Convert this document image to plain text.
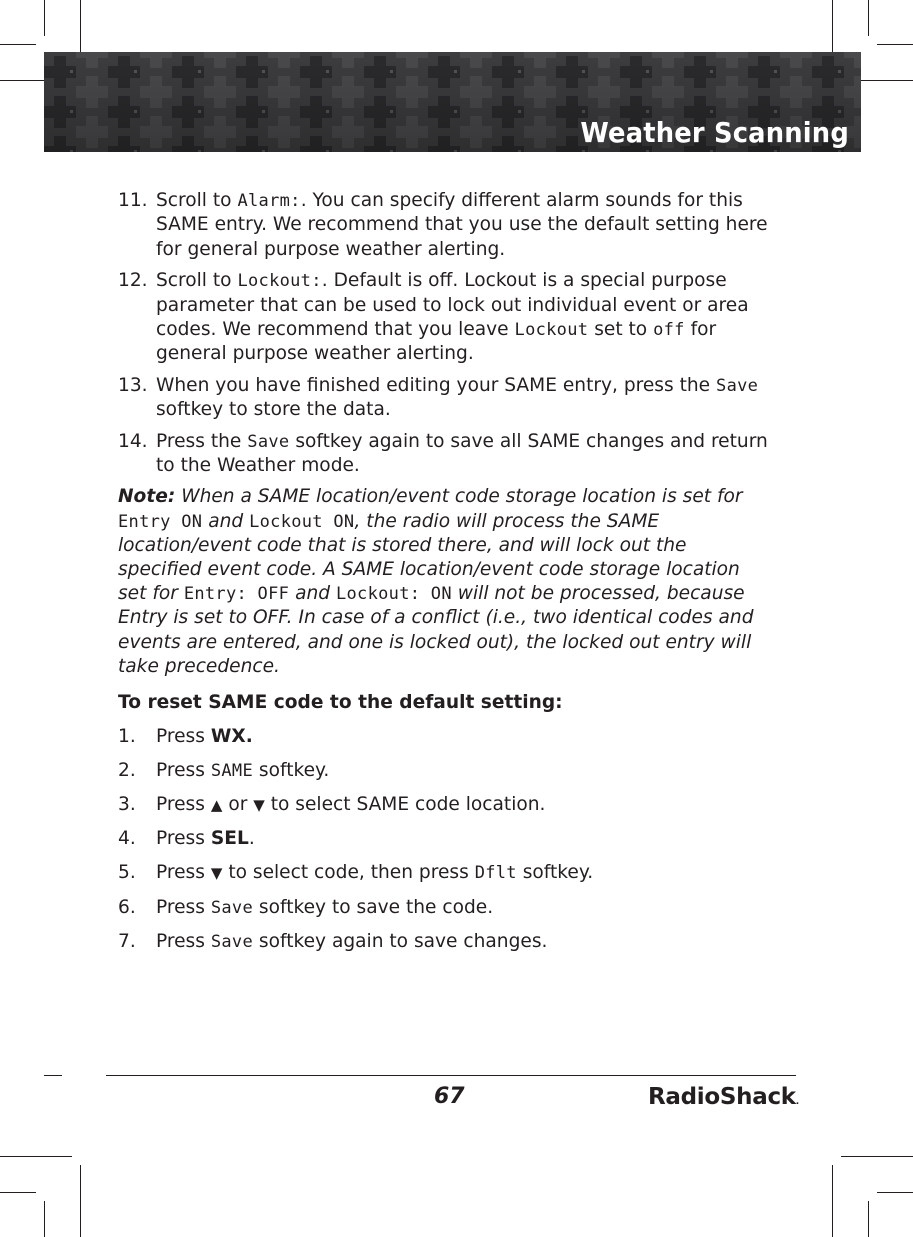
Weather Scanning
11. Scroll to Alarm:. You can specify different alarm sounds for this SAME entry. We recommend that you use the default setting here for general purpose weather alerting.
12. Scroll to Lockout:. Default is off. Lockout is a special purpose parameter that can be used to lock out individual event or area codes. We recommend that you leave Lockout set to off for general purpose weather alerting.
13. When you have finished editing your SAME entry, press the Save softkey to store the data.
14. Press the Save softkey again to save all SAME changes and return to the Weather mode.
Note: When a SAME location/event code storage location is set for Entry ON and Lockout ON, the radio will process the SAME location/event code that is stored there, and will lock out the specified event code. A SAME location/event code storage location set for Entry: OFF and Lockout: ON will not be processed, because Entry is set to OFF. In case of a conflict (i.e., two identical codes and events are entered, and one is locked out), the locked out entry will take precedence.
To reset SAME code to the default setting:
1. Press WX.
2. Press SAME softkey.
3. Press ▲ or ▼ to select SAME code location.
4. Press SEL.
5. Press ▼ to select code, then press Dflt softkey.
6. Press Save softkey to save the code.
7. Press Save softkey again to save changes.
67	RadioShack.
